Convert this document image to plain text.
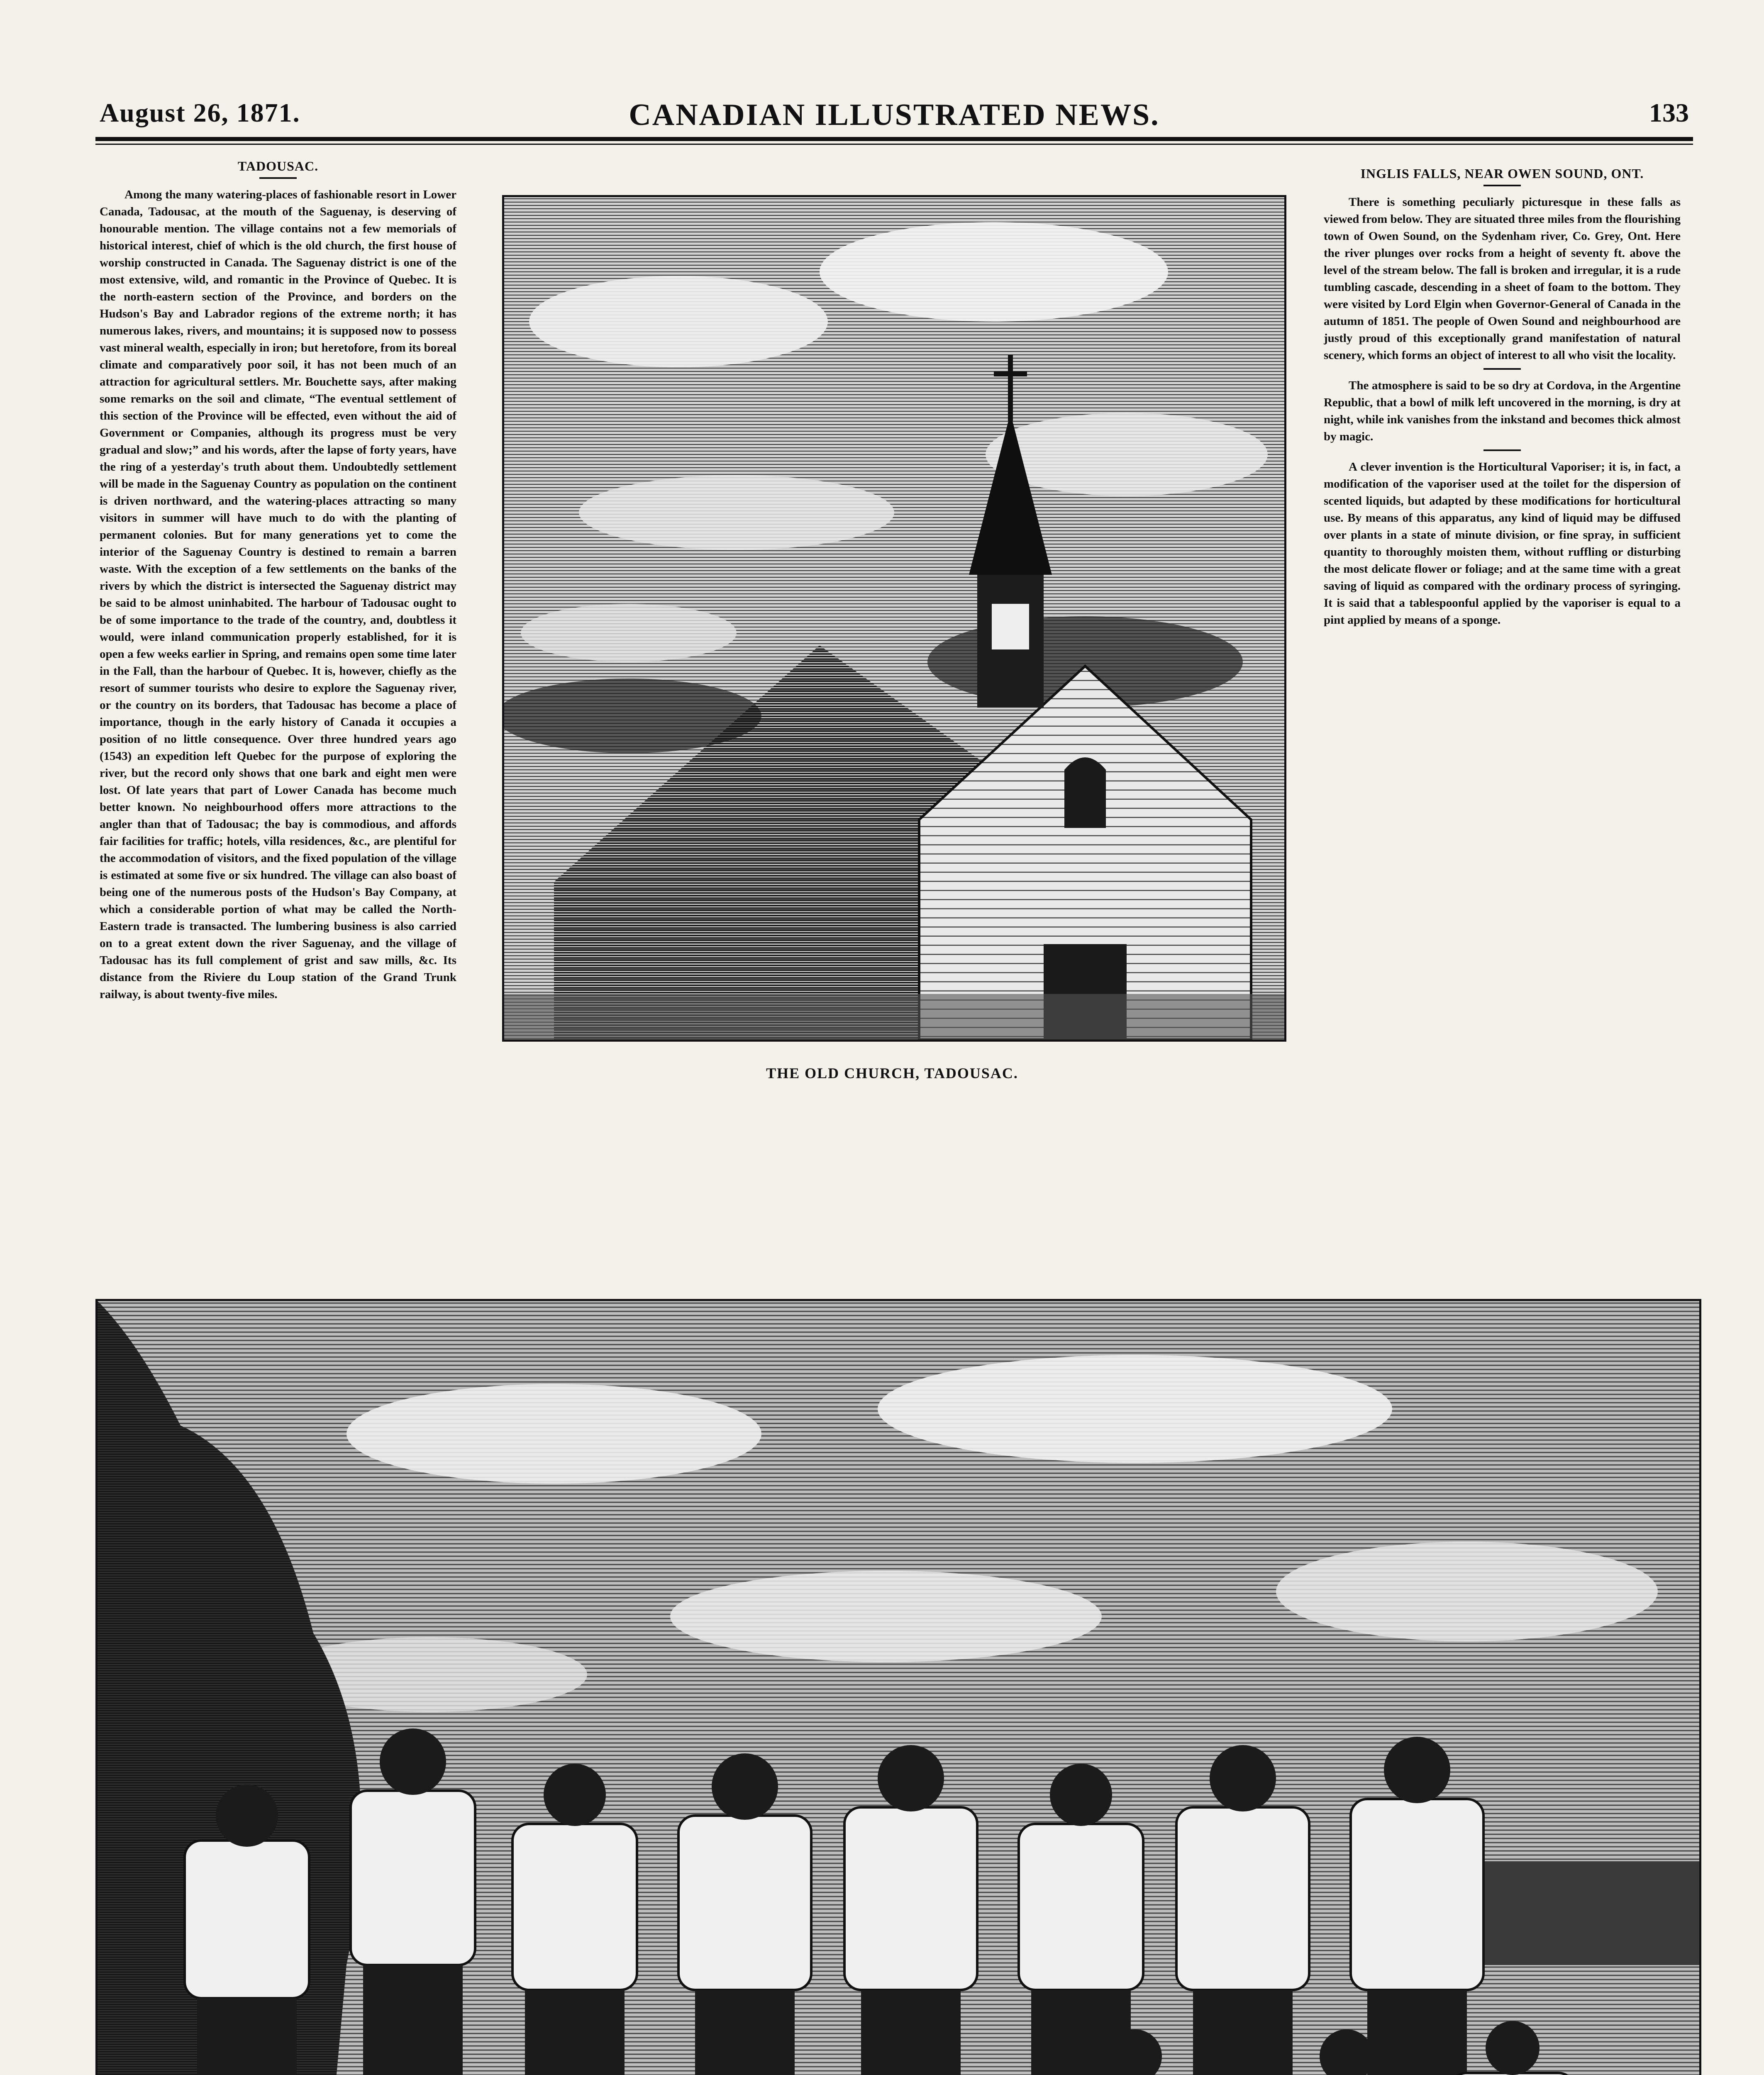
August 26, 1871.	CANADIAN ILLUSTRATED NEWS.	133
TADOUSAC.

Among the many watering-places of fashionable resort in Lower Canada, Tadousac, at the mouth of the Saguenay, is deserving of honourable mention. The village contains not a few memorials of historical interest, chief of which is the old church, the first house of worship constructed in Canada. The Saguenay district is one of the most extensive, wild, and romantic in the Province of Quebec. It is the north-eastern section of the Province, and borders on the Hudson's Bay and Labrador regions of the extreme north; it has numerous lakes, rivers, and mountains; it is supposed now to possess vast mineral wealth, especially in iron; but heretofore, from its boreal climate and comparatively poor soil, it has not been much of an attraction for agricultural settlers. Mr. Bouchette says, after making some remarks on the soil and climate, “The eventual settlement of this section of the Province will be effected, even without the aid of Government or Companies, although its progress must be very gradual and slow;” and his words, after the lapse of forty years, have the ring of a yesterday's truth about them. Undoubtedly settlement will be made in the Saguenay Country as population on the continent is driven northward, and the watering-places attracting so many visitors in summer will have much to do with the planting of permanent colonies. But for many generations yet to come the interior of the Saguenay Country is destined to remain a barren waste. With the exception of a few settlements on the banks of the rivers by which the district is intersected the Saguenay district may be said to be almost uninhabited. The harbour of Tadousac ought to be of some importance to the trade of the country, and, doubtless it would, were inland communication properly established, for it is open a few weeks earlier in Spring, and remains open some time later in the Fall, than the harbour of Quebec. It is, however, chiefly as the resort of summer tourists who desire to explore the Saguenay river, or the country on its borders, that Tadousac has become a place of importance, though in the early history of Canada it occupies a position of no little consequence. Over three hundred years ago (1543) an expedition left Quebec for the purpose of exploring the river, but the record only shows that one bark and eight men were lost. Of late years that part of Lower Canada has become much better known. No neighbourhood offers more attractions to the angler than that of Tadousac; the bay is commodious, and affords fair facilities for traffic; hotels, villa residences, &c., are plentiful for the accommodation of visitors, and the fixed population of the village is estimated at some five or six hundred. The village can also boast of being one of the numerous posts of the Hudson's Bay Company, at which a considerable portion of what may be called the North-Eastern trade is transacted. The lumbering business is also carried on to a great extent down the river Saguenay, and the village of Tadousac has its full complement of grist and saw mills, &c. Its distance from the Riviere du Loup station of the Grand Trunk railway, is about twenty-five miles.

THE OLD CHURCH, TADOUSAC.
INGLIS FALLS, NEAR OWEN SOUND, ONT.

There is something peculiarly picturesque in these falls as viewed from below. They are situated three miles from the flourishing town of Owen Sound, on the Sydenham river, Co. Grey, Ont. Here the river plunges over rocks from a height of seventy ft. above the level of the stream below. The fall is broken and irregular, it is a rude tumbling cascade, descending in a sheet of foam to the bottom. They were visited by Lord Elgin when Governor-General of Canada in the autumn of 1851. The people of Owen Sound and neighbourhood are justly proud of this exceptionally grand manifestation of natural scenery, which forms an object of interest to all who visit the locality.

The atmosphere is said to be so dry at Cordova, in the Argentine Republic, that a bowl of milk left uncovered in the morning, is dry at night, while ink vanishes from the inkstand and becomes thick almost by magic.

A clever invention is the Horticultural Vaporiser; it is, in fact, a modification of the vaporiser used at the toilet for the dispersion of scented liquids, but adapted by these modifications for horticultural use. By means of this apparatus, any kind of liquid may be diffused over plants in a state of minute division, or fine spray, in sufficient quantity to thoroughly moisten them, without ruffling or disturbing the most delicate flower or foliage; and at the same time with a great saving of liquid as compared with the ordinary process of syringing. It is said that a tablespoonful applied by the vaporiser is equal to a pint applied by means of a sponge.
